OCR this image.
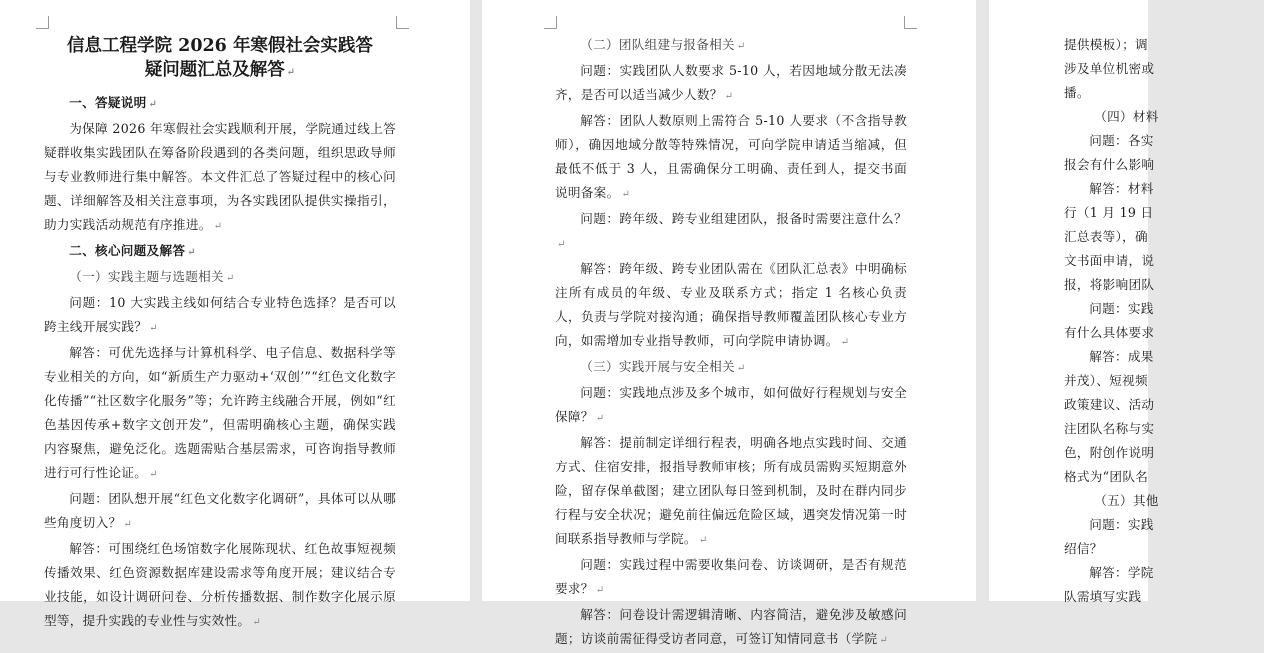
信息工程学院 2026 年寒假社会实践答
疑问题汇总及解答 ↵

一、答疑说明 ↵

为保障 2026 年寒假社会实践顺利开展，学院通过线上答疑群收集实践团队在筹备阶段遇到的各类问题，组织思政导师与专业教师进行集中解答。本文件汇总了答疑过程中的核心问题、详细解答及相关注意事项，为各实践团队提供实操指引，助力实践活动规范有序推进。 ↵

二、核心问题及解答 ↵

（一）实践主题与选题相关 ↵

问题：10 大实践主线如何结合专业特色选择？是否可以跨主线开展实践？ ↵

解答：可优先选择与计算机科学、电子信息、数据科学等专业相关的方向，如“新质生产力驱动+‘双创’”“红色文化数字化传播”“社区数字化服务”等；允许跨主线融合开展，例如“红色基因传承+数字文创开发”，但需明确核心主题，确保实践内容聚焦，避免泛化。选题需贴合基层需求，可咨询指导教师进行可行性论证。 ↵

问题：团队想开展“红色文化数字化调研”，具体可以从哪些角度切入？ ↵

解答：可围绕红色场馆数字化展陈现状、红色故事短视频传播效果、红色资源数据库建设需求等角度开展；建议结合专业技能，如设计调研问卷、分析传播数据、制作数字化展示原型等，提升实践的专业性与实效性。 ↵

（二）团队组建与报备相关 ↵

问题：实践团队人数要求 5-10 人，若因地域分散无法凑齐，是否可以适当减少人数？ ↵

解答：团队人数原则上需符合 5-10 人要求（不含指导教师），确因地域分散等特殊情况，可向学院申请适当缩减，但最低不低于 3 人，且需确保分工明确、责任到人，提交书面说明备案。 ↵

问题：跨年级、跨专业组建团队，报备时需要注意什么？↵

解答：跨年级、跨专业团队需在《团队汇总表》中明确标注所有成员的年级、专业及联系方式；指定 1 名核心负责人，负责与学院对接沟通；确保指导教师覆盖团队核心专业方向，如需增加专业指导教师，可向学院申请协调。 ↵

（三）实践开展与安全相关 ↵

问题：实践地点涉及多个城市，如何做好行程规划与安全保障？ ↵

解答：提前制定详细行程表，明确各地点实践时间、交通方式、住宿安排，报指导教师审核；所有成员需购买短期意外险，留存保单截图；建立团队每日签到机制，及时在群内同步行程与安全状况；避免前往偏远危险区域，遇突发情况第一时间联系指导教师与学院。 ↵

问题：实践过程中需要收集问卷、访谈调研，是否有规范要求？ ↵

解答：问卷设计需逻辑清晰、内容简洁，避免涉及敏感问题；访谈前需征得受访者同意，可签订知情同意书（学院 ↵

提供模板）；调

涉及单位机密或

播。

（四）材料

问题：各实

报会有什么影响

解答：材料

行（1 月 19 日

汇总表等），确

文书面申请，说

报，将影响团队

问题：实践

有什么具体要求

解答：成果

并茂）、短视频

政策建议、活动

注团队名称与实

色，附创作说明

格式为“团队名

（五）其他

问题：实践

绍信？

解答：学院

队需填写实践
